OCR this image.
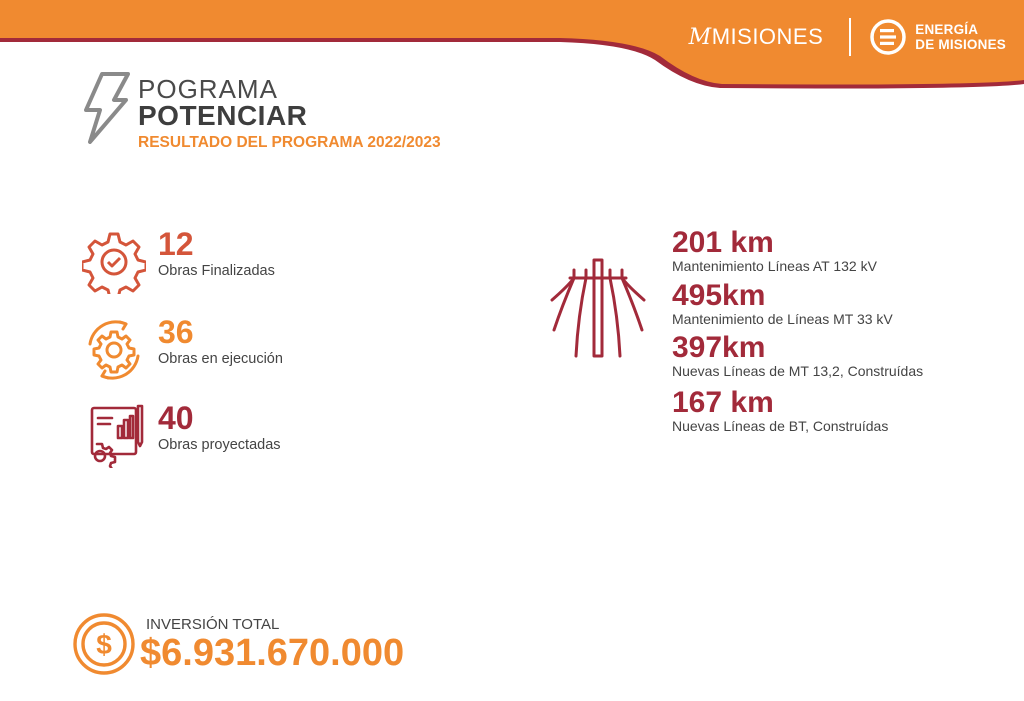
MMISIONES	ENERGÍA
DE MISIONES
POGRAMA
POTENCIAR
RESULTADO DEL PROGRAMA 2022/2023
12
Obras Finalizadas
36
Obras en ejecución
40
Obras proyectadas
201 km
Mantenimiento Líneas AT 132 kV
495km
Mantenimiento de Líneas MT 33 kV
397km
Nuevas Líneas de MT 13,2, Construídas
167 km
Nuevas Líneas de BT, Construídas
$
INVERSIÓN TOTAL
$6.931.670.000
